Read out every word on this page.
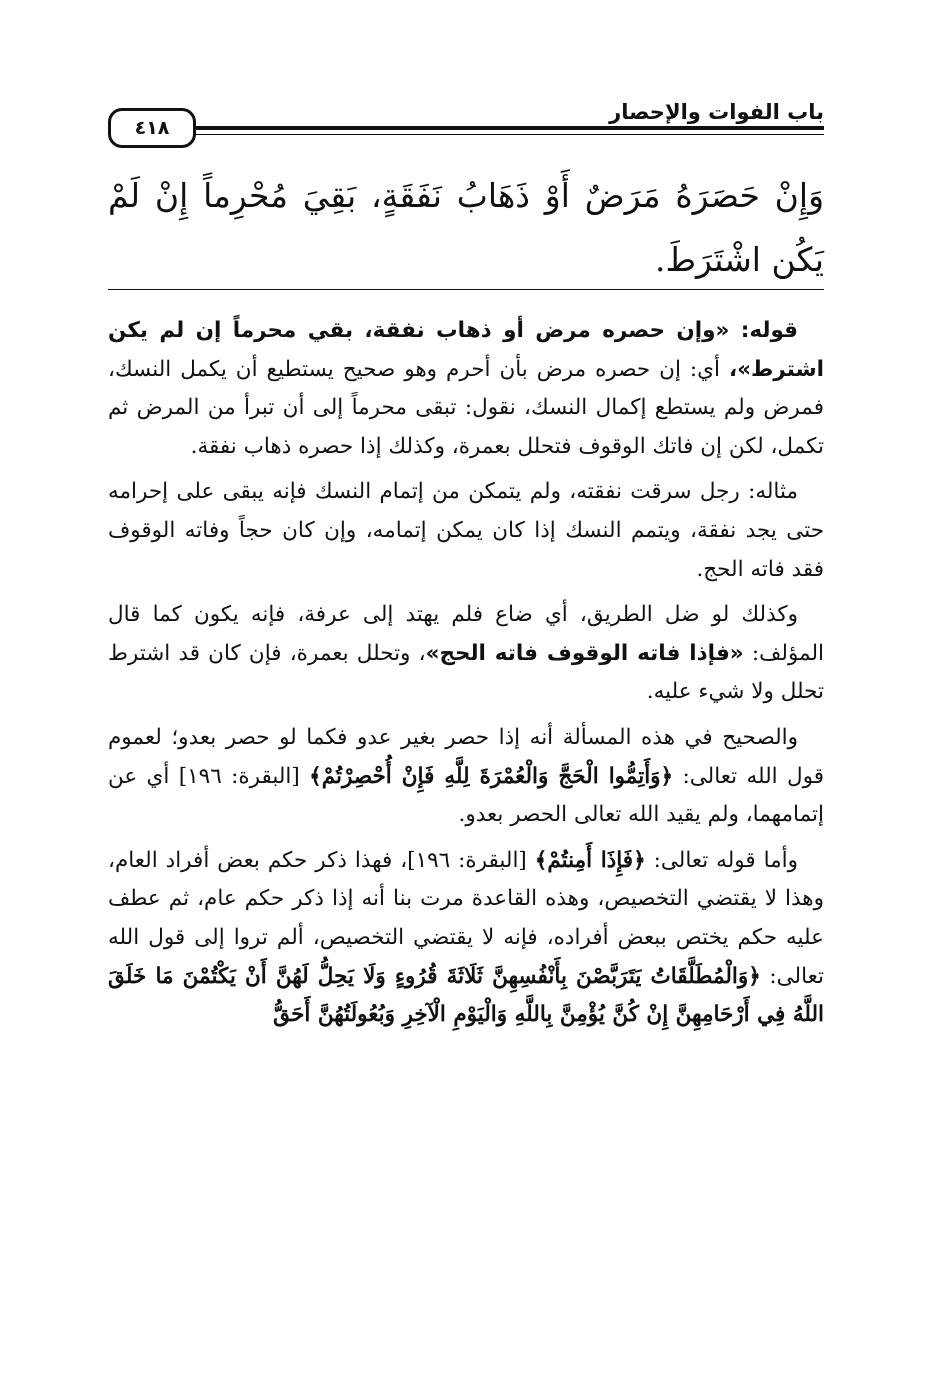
٤١٨
باب الفوات والإحصار
وَإِنْ حَصَرَهُ مَرَضٌ أَوْ ذَهَابُ نَفَقَةٍ، بَقِيَ مُحْرِماً إِنْ لَمْ يَكُن اشْتَرَطَ.

قوله: «وإن حصره مرض أو ذهاب نفقة، بقي محرماً إن لم يكن اشترط»، أي: إن حصره مرض بأن أحرم وهو صحيح يستطيع أن يكمل النسك، فمرض ولم يستطع إكمال النسك، نقول: تبقى محرماً إلى أن تبرأ من المرض ثم تكمل، لكن إن فاتك الوقوف فتحلل بعمرة، وكذلك إذا حصره ذهاب نفقة.

مثاله: رجل سرقت نفقته، ولم يتمكن من إتمام النسك فإنه يبقى على إحرامه حتى يجد نفقة، ويتمم النسك إذا كان يمكن إتمامه، وإن كان حجاً وفاته الوقوف فقد فاته الحج.

وكذلك لو ضل الطريق، أي ضاع فلم يهتد إلى عرفة، فإنه يكون كما قال المؤلف: «فإذا فاته الوقوف فاته الحج»، وتحلل بعمرة، فإن كان قد اشترط تحلل ولا شيء عليه.

والصحيح في هذه المسألة أنه إذا حصر بغير عدو فكما لو حصر بعدو؛ لعموم قول الله تعالى: ﴿وَأَتِمُّوا الْحَجَّ وَالْعُمْرَةَ لِلَّهِ فَإِنْ أُحْصِرْتُمْ﴾ [البقرة: ١٩٦] أي عن إتمامهما، ولم يقيد الله تعالى الحصر بعدو.

وأما قوله تعالى: ﴿فَإِذَا أَمِنتُمْ﴾ [البقرة: ١٩٦]، فهذا ذكر حكم بعض أفراد العام، وهذا لا يقتضي التخصيص، وهذه القاعدة مرت بنا أنه إذا ذكر حكم عام، ثم عطف عليه حكم يختص ببعض أفراده، فإنه لا يقتضي التخصيص، ألم تروا إلى قول الله تعالى: ﴿وَالْمُطَلَّقَاتُ يَتَرَبَّصْنَ بِأَنْفُسِهِنَّ ثَلَاثَةَ قُرُوءٍ وَلَا يَحِلُّ لَهُنَّ أَنْ يَكْتُمْنَ مَا خَلَقَ اللَّهُ فِي أَرْحَامِهِنَّ إِنْ كُنَّ يُؤْمِنَّ بِاللَّهِ وَالْيَوْمِ الْآخِرِ وَبُعُولَتُهُنَّ أَحَقُّ
